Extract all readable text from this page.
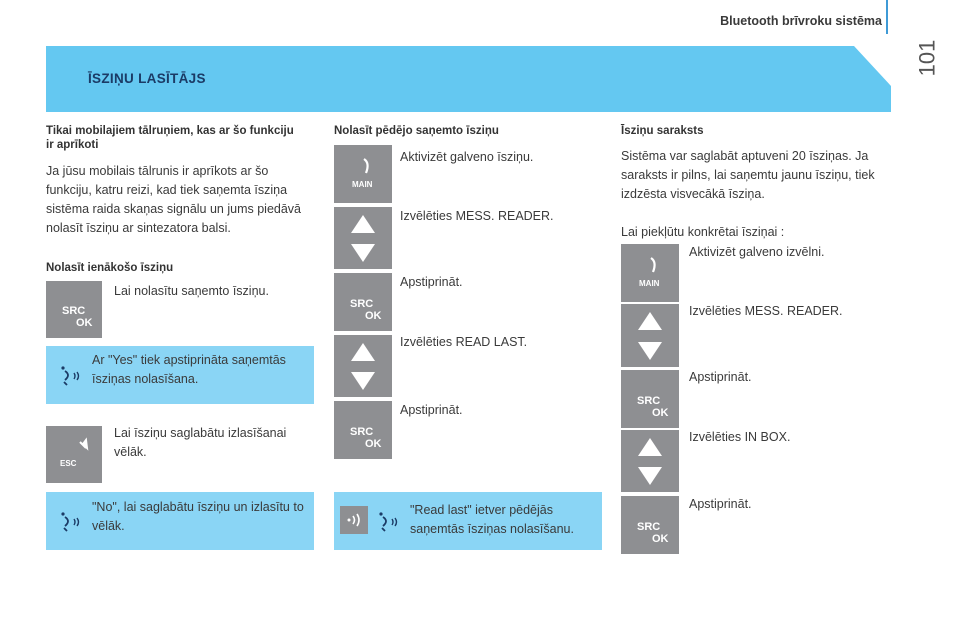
Bluetooth brīvroku sistēma
101
ĪSZIŅU LASĪTĀJS
Tikai mobilajiem tālruņiem, kas ar šo funkciju ir aprīkoti
Ja jūsu mobilais tālrunis ir aprīkots ar šo funkciju, katru reizi, kad tiek saņemta īsziņa sistēma raida skaņas signālu un jums piedāvā nolasīt īsziņu ar sintezatora balsi.
Nolasīt ienākošo īsziņu
SRC
OK
Lai nolasītu saņemto īsziņu.
Ar "Yes" tiek apstiprināta saņemtās īsziņas nolasīšana.
ESC
Lai īsziņu saglabātu izlasīšanai vēlāk.
"No", lai saglabātu īsziņu un izlasītu to vēlāk.
Nolasīt pēdējo saņemto īsziņu
MAIN
Aktivizēt galveno īsziņu.
Izvēlēties MESS. READER.
SRC
OK
Apstiprināt.
Izvēlēties READ LAST.
SRC
OK
Apstiprināt.
"Read last" ietver pēdējās saņemtās īsziņas nolasīšanu.
Īsziņu saraksts
Sistēma var saglabāt aptuveni 20 īsziņas. Ja saraksts ir pilns, lai saņemtu jaunu īsziņu, tiek izdzēsta visvecākā īsziņa.
Lai piekļūtu konkrētai īsziņai :
MAIN
Aktivizēt galveno izvēlni.
Izvēlēties MESS. READER.
SRC
OK
Apstiprināt.
Izvēlēties IN BOX.
SRC
OK
Apstiprināt.
